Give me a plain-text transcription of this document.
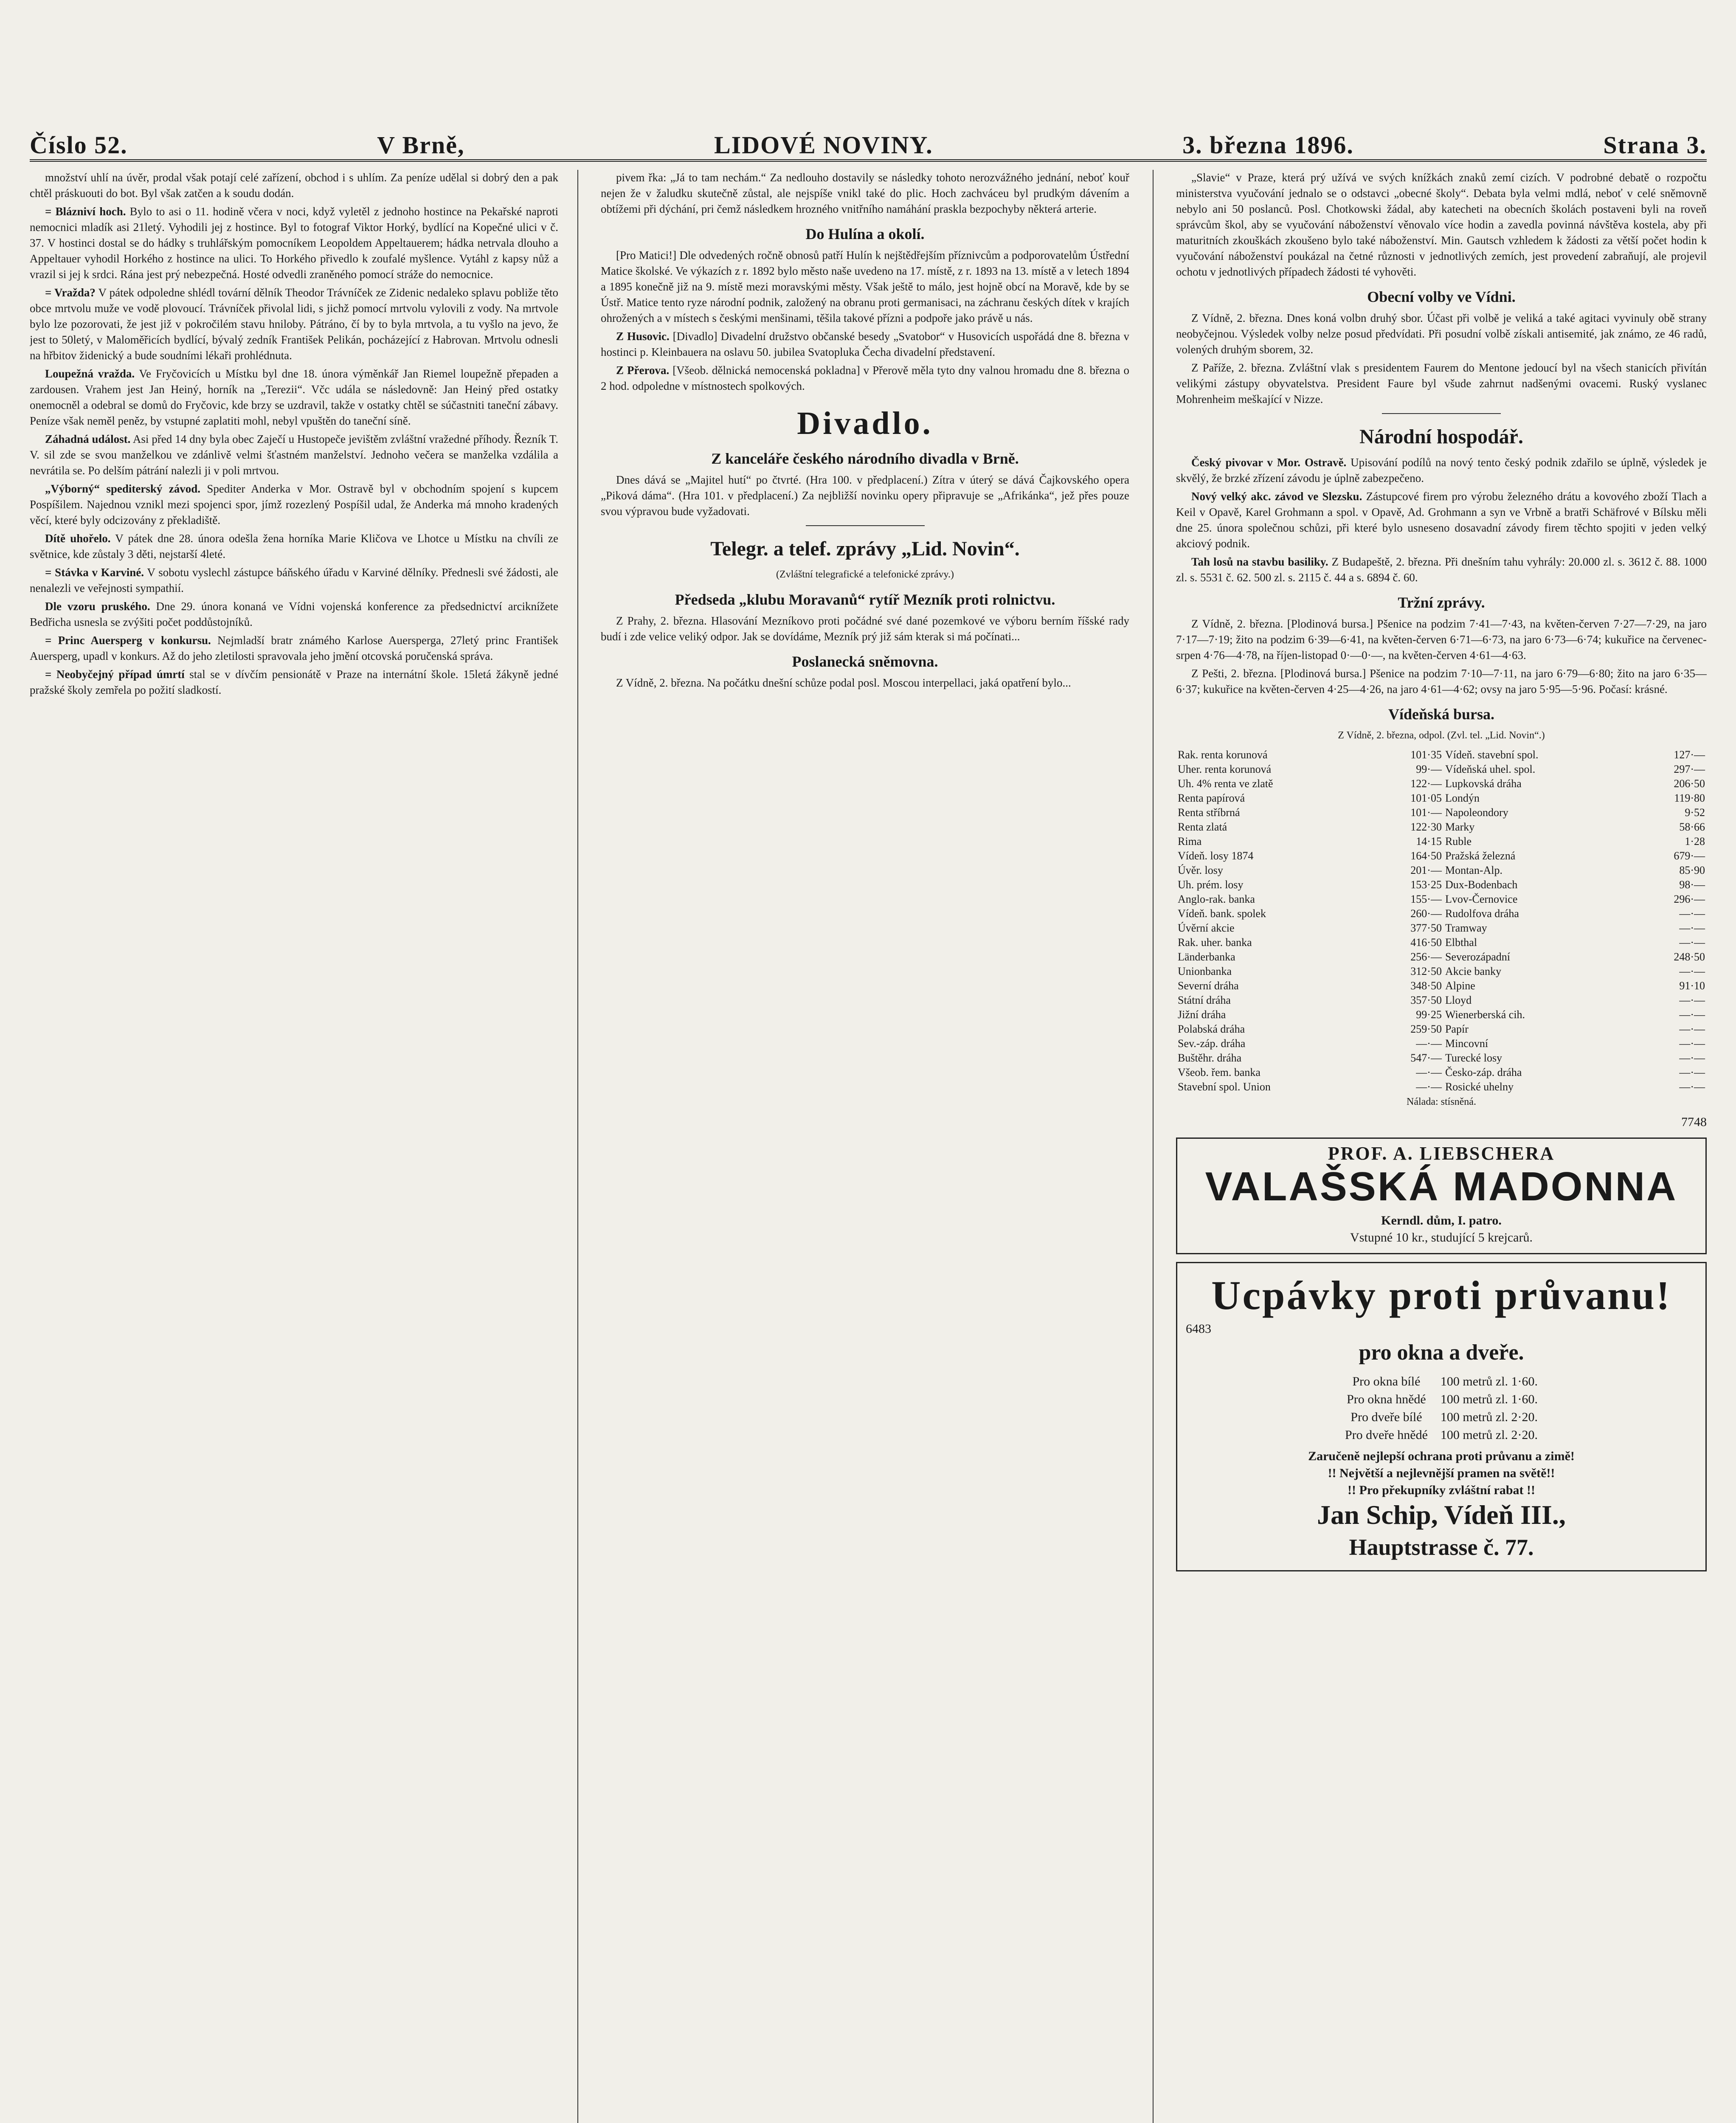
Číslo 52.	V Brně,	LIDOVÉ NOVINY.	3. března 1896.	Strana 3.

množství uhlí na úvěr, prodal však potají celé zařízení, obchod i s uhlím. Za peníze udělal si dobrý den a pak chtěl práskuouti do bot. Byl však zatčen a k soudu dodán.

= Blázniví hoch. Bylo to asi o 11. hodině včera v noci, když vyletěl z jednoho hostince na Pekařské naproti nemocnici mladík asi 21letý. Vyhodili jej z hostince. Byl to fotograf Viktor Horký, bydlící na Kopečné ulici v č. 37. V hostinci dostal se do hádky s truhlářským pomocníkem Leopoldem Appeltauerem; hádka netrvala dlouho a Appeltauer vyhodil Horkého z hostince na ulici. To Horkého přivedlo k zoufalé myšlence. Vytáhl z kapsy nůž a vrazil si jej k srdci. Rána jest prý nebezpečná. Hosté odvedli zraněného pomocí stráže do nemocnice.

= Vražda? V pátek odpoledne shlédl tovární dělník Theodor Trávníček ze Zidenic nedaleko splavu pobliže těto obce mrtvolu muže ve vodě plovoucí. Trávníček přivolal lidi, s jichž pomocí mrtvolu vylovili z vody. Na mrtvole bylo lze pozorovati, že jest již v pokročilém stavu hniloby. Pátráno, čí by to byla mrtvola, a tu vyšlo na jevo, že jest to 50letý, v Maloměřicích bydlící, bývalý zedník František Pelikán, pocházející z Habrovan. Mrtvolu odnesli na hřbitov židenický a bude soudními lékaři prohlédnuta.

Loupežná vražda. Ve Fryčovicích u Místku byl dne 18. února výměnkář Jan Riemel loupežně přepaden a zardousen. Vrahem jest Jan Heiný, horník na „Terezii“. Včc udála se následovně: Jan Heiný před ostatky onemocněl a odebral se domů do Fryčovic, kde brzy se uzdravil, takže v ostatky chtěl se súčastniti taneční zábavy. Peníze však neměl peněz, by vstupné zaplatiti mohl, nebyl vpuštěn do taneční síně.

Záhadná událost. Asi před 14 dny byla obec Zaječí u Hustopeče jevištěm zvláštní vražedné příhody. Řezník T. V. sil zde se svou manželkou ve zdánlivě velmi šťastném manželství. Jednoho večera se manželka vzdálila a nevrátila se. Po delším pátrání nalezli ji v poli mrtvou.

„Výborný“ spediterský závod. Spediter Anderka v Mor. Ostravě byl v obchodním spojení s kupcem Pospíšilem. Najednou vznikl mezi spojenci spor, jímž rozezlený Pospíšil udal, že Anderka má mnoho kradených věcí, které byly odcizovány z překladiště.

Dítě uhořelo. V pátek dne 28. února odešla žena horníka Marie Kličova ve Lhotce u Místku na chvíli ze světnice, kde zůstaly 3 děti, nejstarší 4leté.

= Stávka v Karviné. V sobotu vyslechl zástupce báňského úřadu v Karviné dělníky. Přednesli své žádosti, ale nenalezli ve veřejnosti sympathií.

Dle vzoru pruského. Dne 29. února konaná ve Vídni vojenská konference za předsednictví arciknížete Bedřicha usnesla se zvýšiti počet poddůstojníků.

= Princ Auersperg v konkursu. Nejmladší bratr známého Karlose Auersperga, 27letý princ František Auersperg, upadl v konkurs. Až do jeho zletilosti spravovala jeho jmění otcovská poručenská správa.

= Neobyčejný případ úmrtí stal se v dívčím pensionátě v Praze na internátní škole. 15letá žákyně jedné pražské školy zemřela po požití sladkostí.

pivem řka: „Já to tam nechám.“ Za nedlouho dostavily se následky tohoto nerozvážného jednání, neboť kouř nejen že v žaludku skutečně zůstal, ale nejspíše vnikl také do plic. Hoch zachváceu byl prudkým dávením a obtížemi při dýchání, pri čemž následkem hrozného vnitřního namáhání praskla bezpochyby některá arterie.

Do Hulína a okolí.

[Pro Matici!] Dle odvedených ročně obnosů patří Hulín k nejštědřejším příznivcům a podporovatelům Ústřední Matice školské. Ve výkazích z r. 1892 bylo město naše uvedeno na 17. místě, z r. 1893 na 13. místě a v letech 1894 a 1895 konečně již na 9. místě mezi moravskými městy. Však ještě to málo, jest hojně obcí na Moravě, kde by se Ústř. Matice tento ryze národní podnik, založený na obranu proti germanisaci, na záchranu českých dítek v krajích ohrožených a v místech s českými menšinami, těšila takové přízni a podpoře jako právě u nás.

Z Husovic. [Divadlo] Divadelní družstvo občanské besedy „Svatobor“ v Husovicích uspořádá dne 8. března v hostinci p. Kleinbauera na oslavu 50. jubilea Svatopluka Čecha divadelní představení.

Z Přerova. [Všeob. dělnická nemocenská pokladna] v Přerově měla tyto dny valnou hromadu dne 8. března o 2 hod. odpoledne v místnostech spolkových.

Divadlo.
Z kanceláře českého národního divadla v Brně.

Dnes dává se „Majitel hutí“ po čtvrté. (Hra 100. v předplacení.) Zítra v úterý se dává Čajkovského opera „Piková dáma“. (Hra 101. v předplacení.) Za nejbližší novinku opery připravuje se „Afrikánka“, jež přes pouze svou výpravou bude vyžadovati.

Telegr. a telef. zprávy „Lid. Novin“.
(Zvláštní telegrafické a telefonické zprávy.)
Předseda „klubu Moravanů“ rytíř Mezník proti rolnictvu.

Z Prahy, 2. března. Hlasování Mezníkovo proti počádné své dané pozemkové ve výboru berním říšské rady budí i zde velice veliký odpor. Jak se dovídáme, Mezník prý již sám kterak si má počínati...

Poslanecká sněmovna.

Z Vídně, 2. března. Na počátku dnešní schůze podal posl. Moscou interpellaci, jaká opatření bylo...

„Slavie“ v Praze, která prý užívá ve svých knížkách znaků zemí cizích. V podrobné debatě o rozpočtu ministerstva vyučování jednalo se o odstavci „obecné školy“. Debata byla velmi mdlá, neboť v celé sněmovně nebylo ani 50 poslanců. Posl. Chotkowski žádal, aby katecheti na obecních školách postaveni byli na roveň správcům škol, aby se vyučování náboženství věnovalo více hodin a zavedla povinná návštěva kostela, aby při maturitních zkouškách zkoušeno bylo také náboženství. Min. Gautsch vzhledem k žádosti za větší počet hodin k vyučování náboženství poukázal na četné různosti v jednotlivých zemích, jest provedení zabraňují, ale projevil ochotu v jednotlivých případech žádosti té vyhověti.

Obecní volby ve Vídni.

Z Vídně, 2. března. Dnes koná volbn druhý sbor. Účast při volbě je veliká a také agitaci vyvinuly obě strany neobyčejnou. Výsledek volby nelze posud předvídati. Při posudní volbě získali antisemité, jak známo, ze 46 radů, volených druhým sborem, 32.

Z Paříže, 2. března. Zvláštní vlak s presidentem Faurem do Mentone jedoucí byl na všech stanicích přivítán velikými zástupy obyvatelstva. President Faure byl všude zahrnut nadšenými ovacemi. Ruský vyslanec Mohrenheim meškající v Nizze.

Národní hospodář.

Český pivovar v Mor. Ostravě. Upisování podílů na nový tento český podnik zdařilo se úplně, výsledek je skvělý, že brzké zřízení závodu je úplně zabezpečeno.

Nový velký akc. závod ve Slezsku. Zástupcové firem pro výrobu železného drátu a kovového zboží Tlach a Keil v Opavě, Karel Grohmann a spol. v Opavě, Ad. Grohmann a syn ve Vrbně a bratři Schäfrové v Bílsku měli dne 25. února společnou schůzi, při které bylo usneseno dosavadní závody firem těchto spojiti v jeden velký akciový podnik.

Tah losů na stavbu basiliky. Z Budapeště, 2. března. Při dnešním tahu vyhrály: 20.000 zl. s. 3612 č. 88. 1000 zl. s. 5531 č. 62. 500 zl. s. 2115 č. 44 a s. 6894 č. 60.

Tržní zprávy.

Z Vídně, 2. března. [Plodinová bursa.] Pšenice na podzim 7·41—7·43, na květen-červen 7·27—7·29, na jaro 7·17—7·19; žito na podzim 6·39—6·41, na květen-červen 6·71—6·73, na jaro 6·73—6·74; kukuřice na červenec-srpen 4·76—4·78, na říjen-listopad 0·—0·—, na květen-červen 4·61—4·63.

Z Pešti, 2. března. [Plodinová bursa.] Pšenice na podzim 7·10—7·11, na jaro 6·79—6·80; žito na jaro 6·35—6·37; kukuřice na květen-červen 4·25—4·26, na jaro 4·61—4·62; ovsy na jaro 5·95—5·96. Počasí: krásné.

Vídeňská bursa.
Z Vídně, 2. března, odpol. (Zvl. tel. „Lid. Novin“.)
Rak. renta korunová	101·35	Vídeň. stavební spol.	127·—
Uher. renta korunová	99·—	Vídeňská uhel. spol.	297·—
Uh. 4% renta ve zlatě	122·—	Lupkovská dráha	206·50
Renta papírová	101·05	Londýn	119·80
Renta stříbrná	101·—	Napoleondory	9·52
Renta zlatá	122·30	Marky	58·66
Rima	14·15	Ruble	1·28
Vídeň. losy 1874	164·50	Pražská železná	679·—
Úvěr. losy	201·—	Montan-Alp.	85·90
Uh. prém. losy	153·25	Dux-Bodenbach	98·—
Anglo-rak. banka	155·—	Lvov-Černovice	296·—
Vídeň. bank. spolek	260·—	Rudolfova dráha	—·—
Úvěrní akcie	377·50	Tramway	—·—
Rak. uher. banka	416·50	Elbthal	—·—
Länderbanka	256·—	Severozápadní	248·50
Unionbanka	312·50	Akcie banky	—·—
Severní dráha	348·50	Alpine	91·10
Státní dráha	357·50	Lloyd	—·—
Jižní dráha	99·25	Wienerberská cih.	—·—
Polabská dráha	259·50	Papír	—·—
Sev.-záp. dráha	—·—	Mincovní	—·—
Buštěhr. dráha	547·—	Turecké losy	—·—
Všeob. řem. banka	—·—	Česko-záp. dráha	—·—
Stavební spol. Union	—·—	Rosické uhelny	—·—
Nálada: stísněná.
7748
PROF. A. LIEBSCHERA
VALAŠSKÁ MADONNA
Kerndl. dům, I. patro.
Vstupné 10 kr., studující 5 krejcarů.
Ucpávky proti průvanu!
6483
pro okna a dveře.
Pro okna bílé	100 metrů zl. 1·60.
Pro okna hnědé	100 metrů zl. 1·60.
Pro dveře bílé	100 metrů zl. 2·20.
Pro dveře hnědé	100 metrů zl. 2·20.
Zaručeně nejlepší ochrana proti průvanu a zimě!
!! Největší a nejlevnější pramen na světě!!
!! Pro překupníky zvláštní rabat !!
Jan Schip, Vídeň III.,
Hauptstrasse č. 77.
